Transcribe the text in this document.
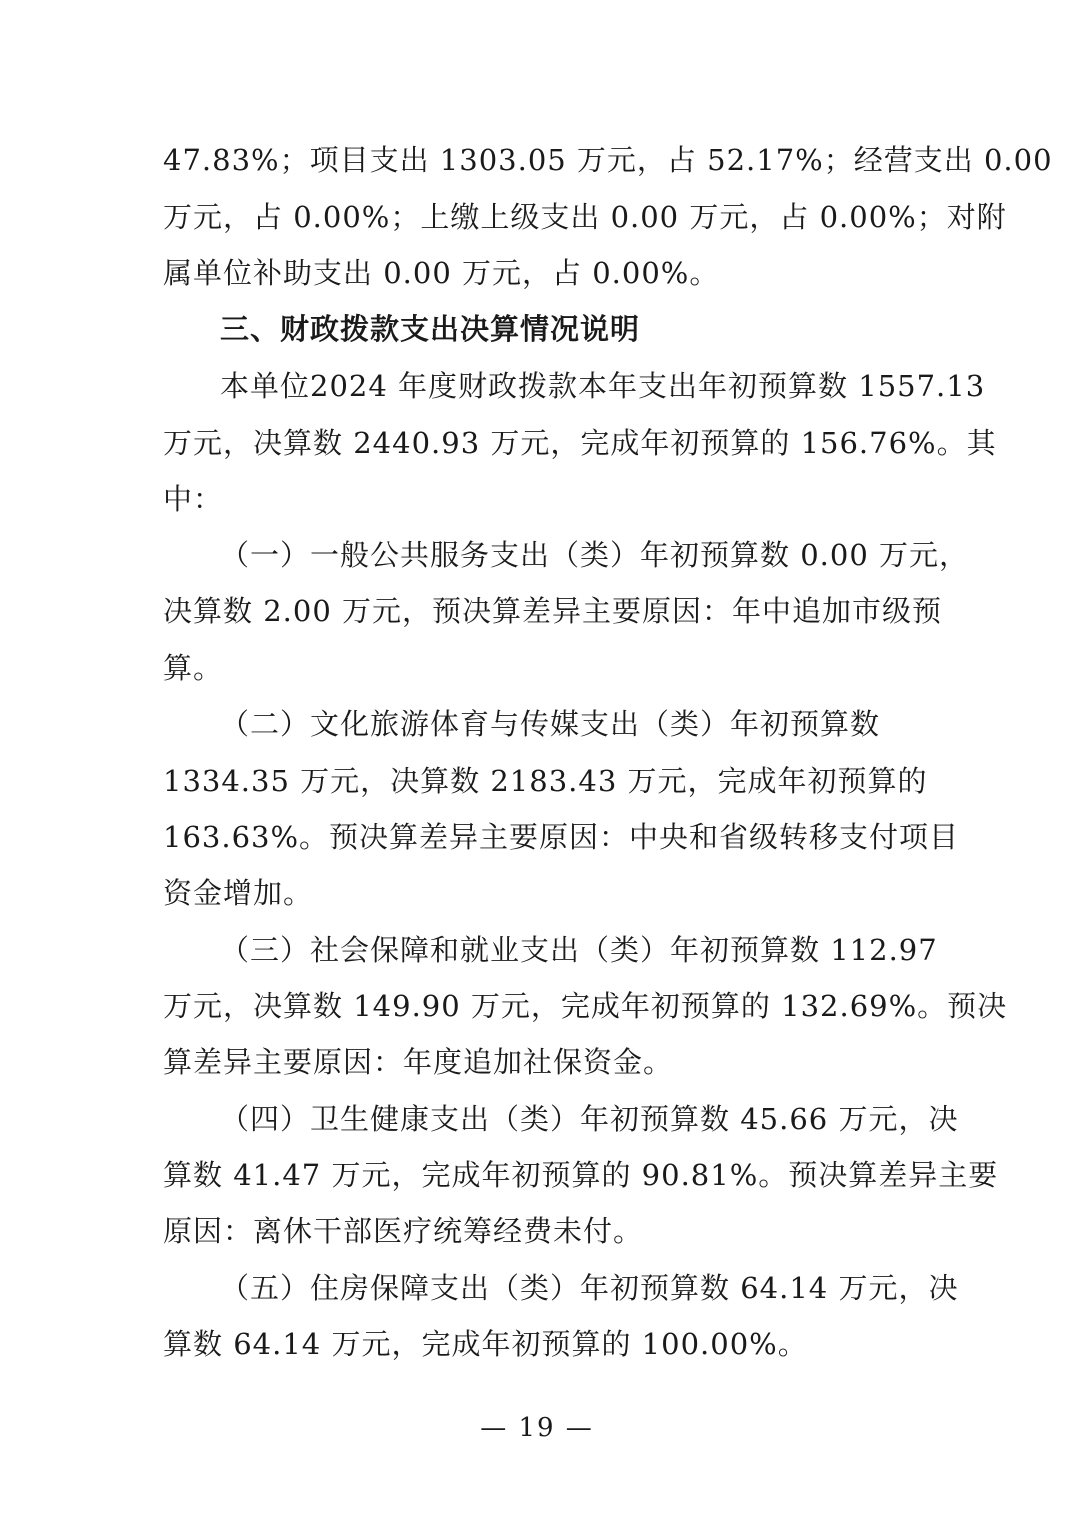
47.83%；项目支出 1303.05 万元，占 52.17%；经营支出 0.00
万元，占 0.00%；上缴上级支出 0.00 万元，占 0.00%；对附
属单位补助支出 0.00 万元，占 0.00%。
三、财政拨款支出决算情况说明
本单位2024 年度财政拨款本年支出年初预算数 1557.13
万元，决算数 2440.93 万元，完成年初预算的 156.76%。其
中：
（一）一般公共服务支出（类）年初预算数 0.00 万元，
决算数 2.00 万元，预决算差异主要原因：年中追加市级预
算。
（二）文化旅游体育与传媒支出（类）年初预算数
1334.35 万元，决算数 2183.43 万元，完成年初预算的
163.63%。预决算差异主要原因：中央和省级转移支付项目
资金增加。
（三）社会保障和就业支出（类）年初预算数 112.97
万元，决算数 149.90 万元，完成年初预算的 132.69%。预决
算差异主要原因：年度追加社保资金。
（四）卫生健康支出（类）年初预算数 45.66 万元，决
算数 41.47 万元，完成年初预算的 90.81%。预决算差异主要
原因：离休干部医疗统筹经费未付。
（五）住房保障支出（类）年初预算数 64.14 万元，决
算数 64.14 万元，完成年初预算的 100.00%。
— 19 —
